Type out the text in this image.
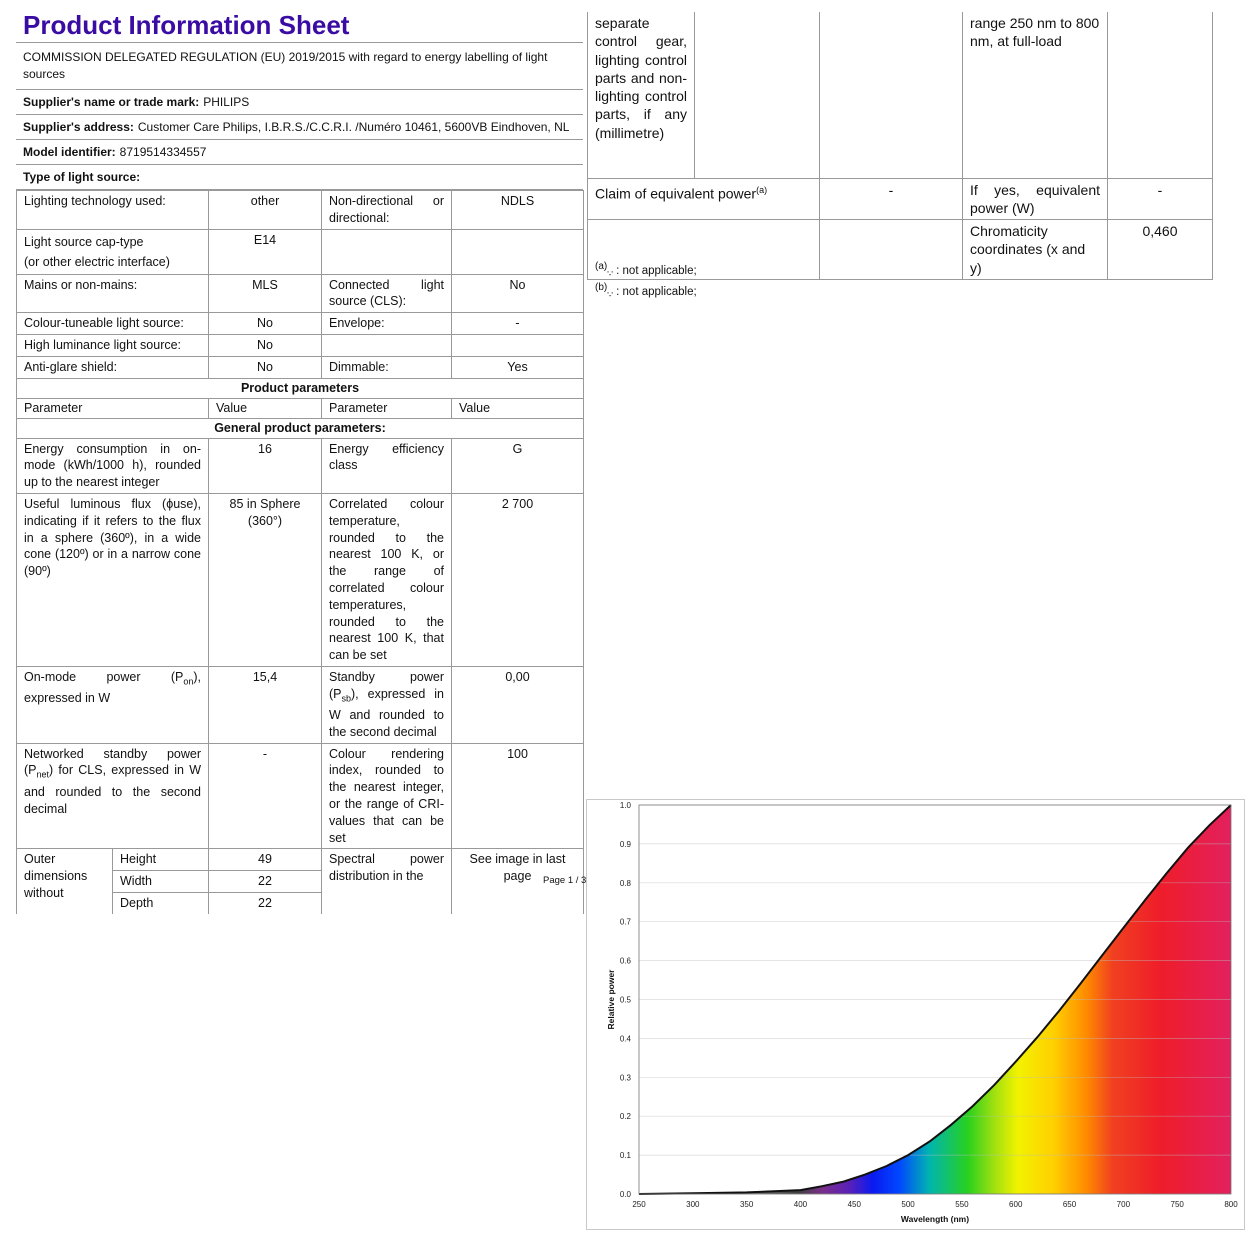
Product Information Sheet
COMMISSION DELEGATED REGULATION (EU) 2019/2015 with regard to energy labelling of light sources
Supplier's name or trade mark: PHILIPS
Supplier's address: Customer Care Philips, I.B.R.S./C.C.R.I. /Numéro 10461, 5600VB Eindhoven, NL
Model identifier: 8719514334557
Type of light source:
Lighting technology used:		other	Non-directional or directional:	NDLS

Light source cap-type
(or other electric interface)		E14		
Mains or non-mains:		MLS	Connected light source (CLS):	No
Colour-tuneable light source:		No	Envelope:	-
High luminance light source:		No		
Anti-glare shield:		No	Dimmable:	Yes
Product parameters				
Parameter		Value	Parameter	Value
General product parameters:				
Energy consumption in on-mode (kWh/1000 h), rounded up to the nearest integer		16	Energy efficiency class	G
Useful luminous flux (ϕuse), indicating if it refers to the flux in a sphere (360º), in a wide cone (120º) or in a narrow cone (90º)		85 in Sphere (360°)	Correlated colour temperature, rounded to the nearest 100 K, or the range of correlated colour temperatures, rounded to the nearest 100 K, that can be set	2 700
On-mode power $(P_{on})$, expressed in W		15,4	Standby power $(P_{sb})$, expressed in W and rounded to the second decimal	0,00
Networked standby power $(P_{net})$ for CLS, expressed in W and rounded to the second decimal		-	Colour rendering index, rounded to the nearest integer, or the range of CRI-values that can be set	100
Outer dimensions without	Height	49	Spectral power distribution in the	See image in last page
	Width	22		
	Depth	22		
Page 1 / 3
separate control gear, lighting control parts and non-lighting control parts, if any (millimetre)			range 250 nm to 800 nm, at full-load	
Claim of equivalent power$^{(a)}$		-	If yes, equivalent power (W)	-
			Chromaticity coordinates (x and y)	0,460
$^{(a)}_{'-'}$ : not applicable;
$^{(b)}_{'-'}$ : not applicable;
0.0
0.1
0.2
0.3
0.4
0.5
0.6
0.7
0.8
0.9
1.0
250	300	350	400	450	500	550	600	650	700	750	800
Wavelength (nm)
Relative power
